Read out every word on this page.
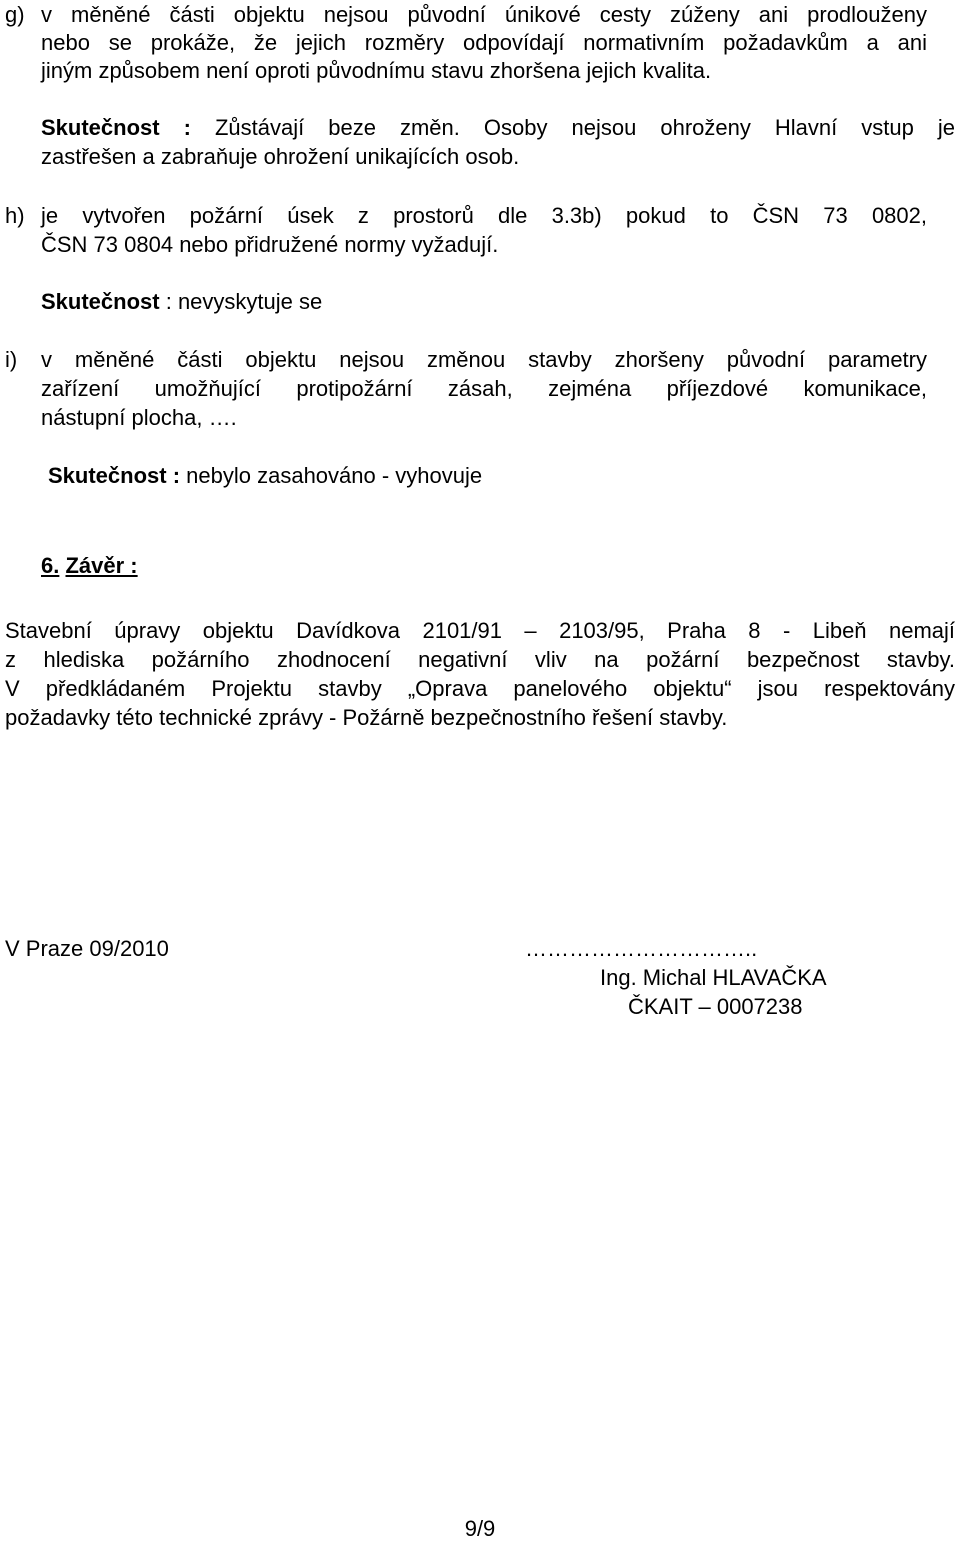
g) v měněné části objektu nejsou původní únikové cesty zúženy ani prodlouženy
nebo se prokáže, že jejich rozměry odpovídají normativním požadavkům a ani
jiným způsobem není oproti původnímu stavu zhoršena jejich kvalita.
Skutečnost : Zůstávají beze změn. Osoby nejsou ohroženy Hlavní vstup je
zastřešen a zabraňuje ohrožení unikajících osob.
h) je vytvořen požární úsek z prostorů dle 3.3b) pokud to ČSN 73 0802,
ČSN 73 0804 nebo přidružené normy vyžadují.
Skutečnost : nevyskytuje se
i) v měněné části objektu nejsou změnou stavby zhoršeny původní parametry
zařízení umožňující protipožární zásah, zejména příjezdové komunikace,
nástupní plocha, ….
Skutečnost : nebylo zasahováno - vyhovuje
6. Závěr :
Stavební úpravy objektu Davídkova 2101/91 – 2103/95, Praha 8 - Libeň nemají
z hlediska požárního zhodnocení negativní vliv na požární bezpečnost stavby.
V předkládaném Projektu stavby „Oprava panelového objektu“ jsou respektovány
požadavky této technické zprávy - Požárně bezpečnostního řešení stavby.
V Praze 09/2010	…………………………..
Ing. Michal HLAVAČKA
ČKAIT – 0007238
9/9
